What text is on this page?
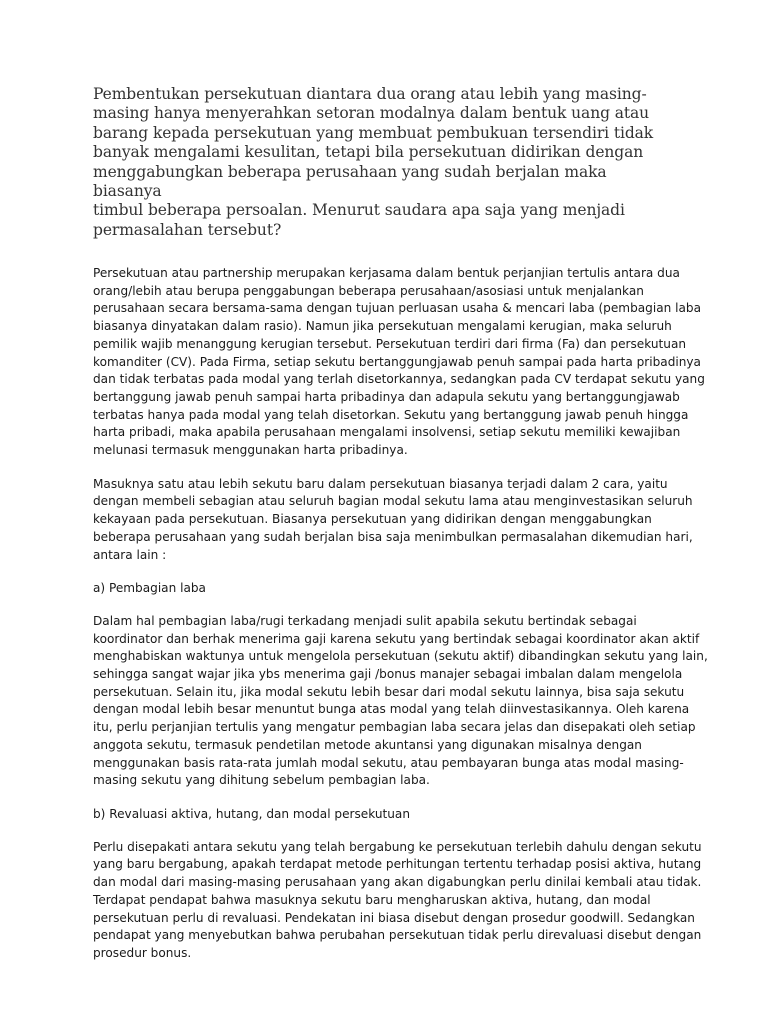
Pembentukan persekutuan diantara dua orang atau lebih yang masing-
masing hanya menyerahkan setoran modalnya dalam bentuk uang atau
barang kepada persekutuan yang membuat pembukuan tersendiri tidak
banyak mengalami kesulitan, tetapi bila persekutuan didirikan dengan
menggabungkan beberapa perusahaan yang sudah berjalan maka biasanya
timbul beberapa persoalan. Menurut saudara apa saja yang menjadi
permasalahan tersebut?

Persekutuan atau partnership merupakan kerjasama dalam bentuk perjanjian tertulis antara dua
orang/lebih atau berupa penggabungan beberapa perusahaan/asosiasi untuk menjalankan
perusahaan secara bersama-sama dengan tujuan perluasan usaha & mencari laba (pembagian laba
biasanya dinyatakan dalam rasio). Namun jika persekutuan mengalami kerugian, maka seluruh
pemilik wajib menanggung kerugian tersebut. Persekutuan terdiri dari firma (Fa) dan persekutuan
komanditer (CV). Pada Firma, setiap sekutu bertanggungjawab penuh sampai pada harta pribadinya
dan tidak terbatas pada modal yang terlah disetorkannya, sedangkan pada CV terdapat sekutu yang
bertanggung jawab penuh sampai harta pribadinya dan adapula sekutu yang bertanggungjawab
terbatas hanya pada modal yang telah disetorkan. Sekutu yang bertanggung jawab penuh hingga
harta pribadi, maka apabila perusahaan mengalami insolvensi, setiap sekutu memiliki kewajiban
melunasi termasuk menggunakan harta pribadinya.

Masuknya satu atau lebih sekutu baru dalam persekutuan biasanya terjadi dalam 2 cara, yaitu
dengan membeli sebagian atau seluruh bagian modal sekutu lama atau menginvestasikan seluruh
kekayaan pada persekutuan. Biasanya persekutuan yang didirikan dengan menggabungkan
beberapa perusahaan yang sudah berjalan bisa saja menimbulkan permasalahan dikemudian hari,
antara lain :

a) Pembagian laba

Dalam hal pembagian laba/rugi terkadang menjadi sulit apabila sekutu bertindak sebagai
koordinator dan berhak menerima gaji karena sekutu yang bertindak sebagai koordinator akan aktif
menghabiskan waktunya untuk mengelola persekutuan (sekutu aktif) dibandingkan sekutu yang lain,
sehingga sangat wajar jika ybs menerima gaji /bonus manajer sebagai imbalan dalam mengelola
persekutuan. Selain itu, jika modal sekutu lebih besar dari modal sekutu lainnya, bisa saja sekutu
dengan modal lebih besar menuntut bunga atas modal yang telah diinvestasikannya. Oleh karena
itu, perlu perjanjian tertulis yang mengatur pembagian laba secara jelas dan disepakati oleh setiap
anggota sekutu, termasuk pendetilan metode akuntansi yang digunakan misalnya dengan
menggunakan basis rata-rata jumlah modal sekutu, atau pembayaran bunga atas modal masing-
masing sekutu yang dihitung sebelum pembagian laba.

b) Revaluasi aktiva, hutang, dan modal persekutuan

Perlu disepakati antara sekutu yang telah bergabung ke persekutuan terlebih dahulu dengan sekutu
yang baru bergabung, apakah terdapat metode perhitungan tertentu terhadap posisi aktiva, hutang
dan modal dari masing-masing perusahaan yang akan digabungkan perlu dinilai kembali atau tidak.
Terdapat pendapat bahwa masuknya sekutu baru mengharuskan aktiva, hutang, dan modal
persekutuan perlu di revaluasi. Pendekatan ini biasa disebut dengan prosedur goodwill. Sedangkan
pendapat yang menyebutkan bahwa perubahan persekutuan tidak perlu direvaluasi disebut dengan
prosedur bonus.
